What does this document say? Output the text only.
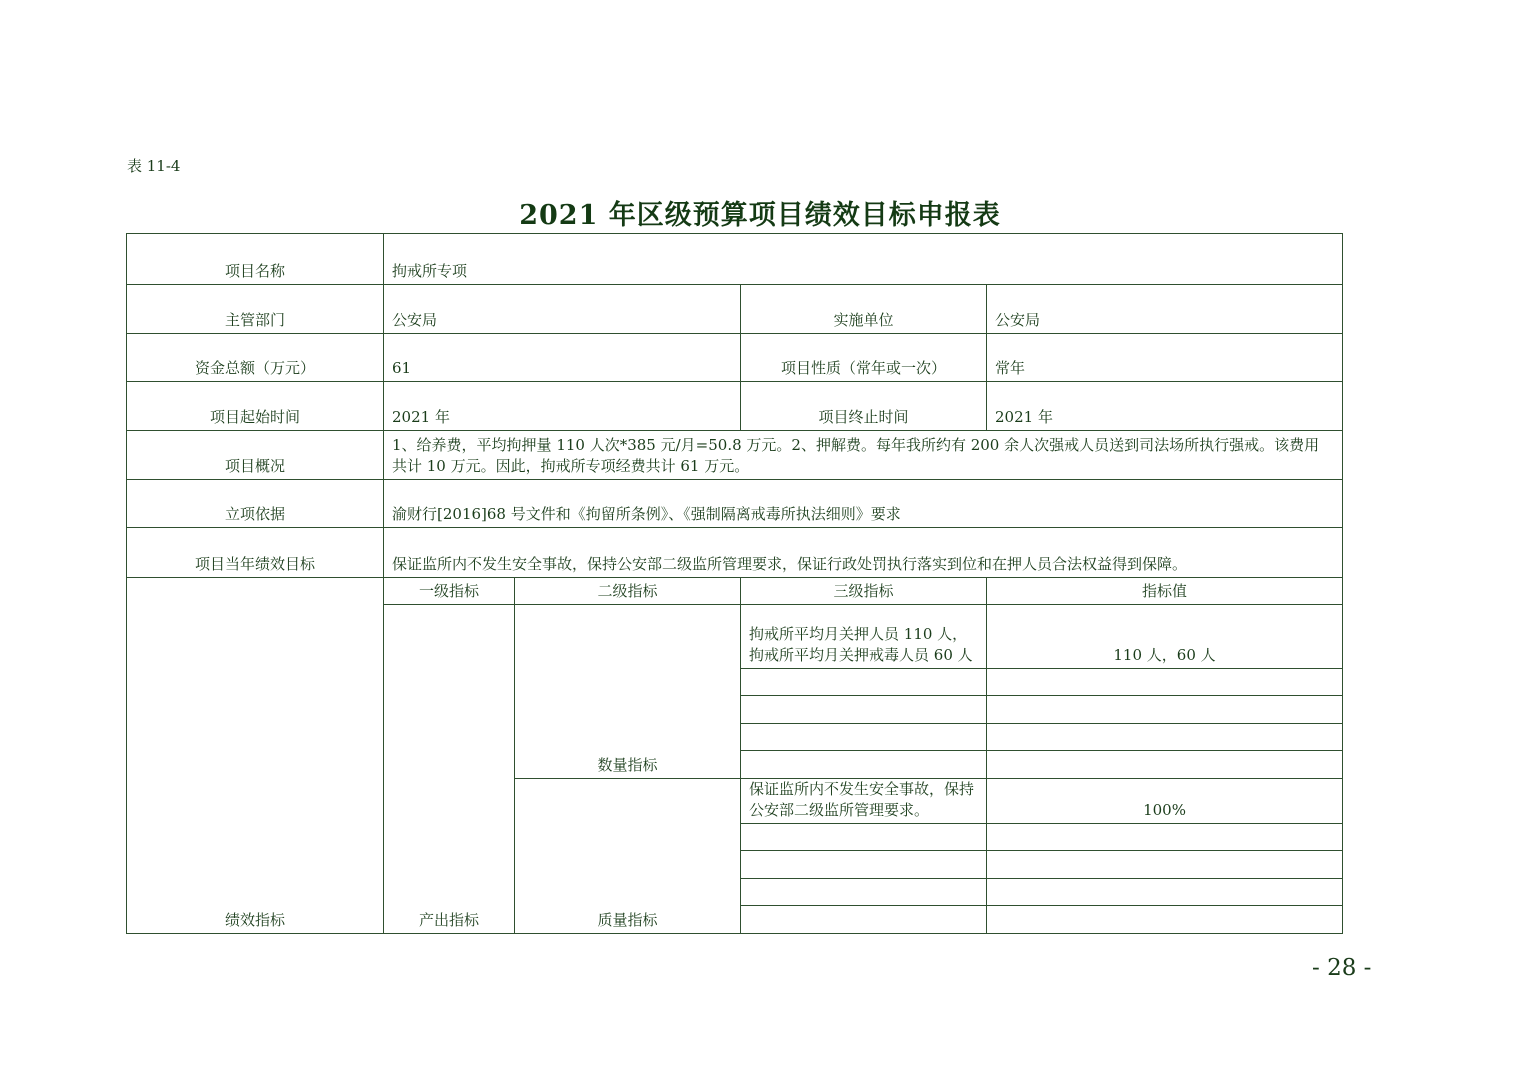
表 11-4
2021 年区级预算项目绩效目标申报表
项目名称	拘戒所专项			
主管部门	公安局		实施单位	公安局
资金总额（万元）	61		项目性质（常年或一次）	常年
项目起始时间	2021 年		项目终止时间	2021 年
项目概况	1、给养费，平均拘押量 110 人次*385 元/月=50.8 万元。2、押解费。每年我所约有 200 余人次强戒人员送到司法场所执行强戒。该费用共计 10 万元。因此，拘戒所专项经费共计 61 万元。			
立项依据	渝财行[2016]68 号文件和《拘留所条例》、《强制隔离戒毒所执法细则》要求			
项目当年绩效目标	保证监所内不发生安全事故，保持公安部二级监所管理要求，保证行政处罚执行落实到位和在押人员合法权益得到保障。			
绩效指标	一级指标	二级指标	三级指标	指标值
	产出指标	数量指标	拘戒所平均月关押人员 110 人，拘戒所平均月关押戒毒人员 60 人	110 人，60 人

		质量指标	保证监所内不发生安全事故，保持公安部二级监所管理要求。	100%

- 28 -
